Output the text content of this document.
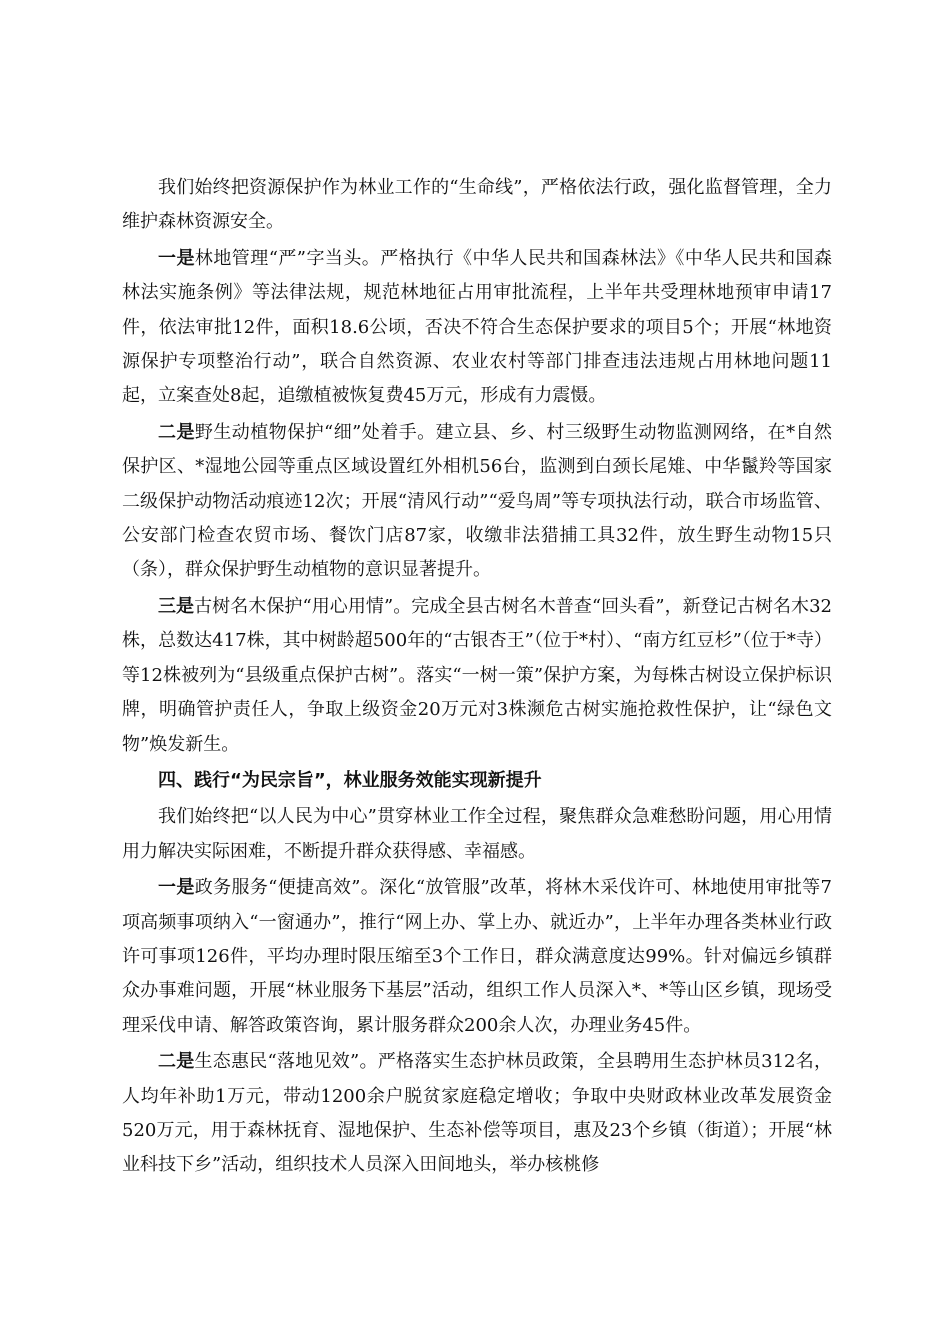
我们始终把资源保护作为林业工作的“生命线”，严格依法行政，强化监督管理，全力维护森林资源安全。

一是林地管理“严”字当头。严格执行《中华人民共和国森林法》《中华人民共和国森林法实施条例》等法律法规，规范林地征占用审批流程，上半年共受理林地预审申请17件，依法审批12件，面积18.6公顷，否决不符合生态保护要求的项目5个；开展“林地资源保护专项整治行动”，联合自然资源、农业农村等部门排查违法违规占用林地问题11起，立案查处8起，追缴植被恢复费45万元，形成有力震慑。

二是野生动植物保护“细”处着手。建立县、乡、村三级野生动物监测网络，在*自然保护区、*湿地公园等重点区域设置红外相机56台，监测到白颈长尾雉、中华鬣羚等国家二级保护动物活动痕迹12次；开展“清风行动”“爱鸟周”等专项执法行动，联合市场监管、公安部门检查农贸市场、餐饮门店87家，收缴非法猎捕工具32件，放生野生动物15只（条），群众保护野生动植物的意识显著提升。

三是古树名木保护“用心用情”。完成全县古树名木普查“回头看”，新登记古树名木32株，总数达417株，其中树龄超500年的“古银杏王”（位于*村）、“南方红豆杉”（位于*寺）等12株被列为“县级重点保护古树”。落实“一树一策”保护方案，为每株古树设立保护标识牌，明确管护责任人，争取上级资金20万元对3株濒危古树实施抢救性保护，让“绿色文物”焕发新生。

四、践行“为民宗旨”，林业服务效能实现新提升

我们始终把“以人民为中心”贯穿林业工作全过程，聚焦群众急难愁盼问题，用心用情用力解决实际困难，不断提升群众获得感、幸福感。

一是政务服务“便捷高效”。深化“放管服”改革，将林木采伐许可、林地使用审批等7项高频事项纳入“一窗通办”，推行“网上办、掌上办、就近办”，上半年办理各类林业行政许可事项126件，平均办理时限压缩至3个工作日，群众满意度达99%。针对偏远乡镇群众办事难问题，开展“林业服务下基层”活动，组织工作人员深入*、*等山区乡镇，现场受理采伐申请、解答政策咨询，累计服务群众200余人次，办理业务45件。

二是生态惠民“落地见效”。严格落实生态护林员政策，全县聘用生态护林员312名，人均年补助1万元，带动1200余户脱贫家庭稳定增收；争取中央财政林业改革发展资金520万元，用于森林抚育、湿地保护、生态补偿等项目，惠及23个乡镇（街道）；开展“林业科技下乡”活动，组织技术人员深入田间地头，举办核桃修
